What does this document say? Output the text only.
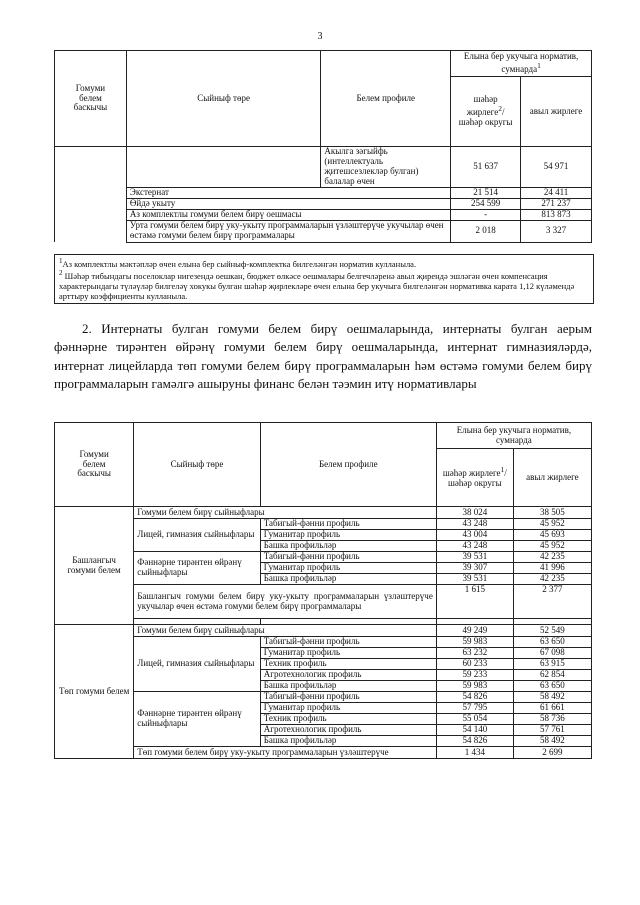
3
Гомуми
белем
баскычы	Сыйныф төре	Белем профиле	Елына бер укучыга норматив, сумнарда$^1$
			шәһәр жирлеге$^2$/ шәһәр округы	авыл жирлеге
		Акылга зәгыйфь (интеллектуаль җитешсезлекләр булган) балалар өчен	51 637	54 971
	Экстернат		21 514	24 411
	Өйдә укыту		254 599	271 237
	Аз комплектлы гомуми белем бирү оешмасы		-	813 873
	Урта гомуми белем бирү уку-укыту программаларын үзләштерүче укучылар өчен өстәмә гомуми белем бирү программалары		2 018	3 327

$^1$Аз комплектлы мәктәпләр өчен елына бер сыйныф-комплектка билгеләнгән норматив кулланыла.

$^2$ Шәһәр тибындагы поселоклар нигезендә оешкан, бюджет өлкәсе оешмалары белгечләренә авыл җирендә эшләгән өчен компенсация характерындагы түләүләр билгеләү хокукы булган шәһәр җирлекләре өчен елына бер укучыга билгеләнгән нормативка карата 1,12 күләмендә арттыру коэффициенты кулланыла.

2. Интернаты булган гомуми белем бирү оешмаларында, интернаты булган аерым фәннәрне тирәнтен өйрәнү гомуми белем бирү оешмаларында, интернат гимназияләрдә, интернат лицейларда төп гомуми белем бирү программаларын һәм өстәмә гомуми белем бирү программаларын гамәлгә ашыруны финанс белән тәэмин итү нормативлары

Гомуми
белем
баскычы	Сыйныф төре	Белем профиле	Елына бер укучыга норматив, сумнарда	
			шәһәр жирлеге$^1$/ шәһәр округы	авыл жирлеге
Башлангыч гомуми белем	Гомуми белем бирү сыйныфлары		38 024	38 505
	Лицей, гимназия сыйныфлары	Табигый-фәнни профиль	43 248	45 952
		Гуманитар профиль	43 004	45 693
		Башка профильләр	43 248	45 952
	Фәннәрне тирәнтен өйрәнү сыйныфлары	Табигый-фәнни профиль	39 531	42 235
		Гуманитар профиль	39 307	41 996
		Башка профильләр	39 531	42 235
	Башлангыч гомуми белем бирү уку-укыту программаларын үзләштерүче укучылар өчен өстәмә гомуми белем бирү программалары		1 615	2 377

Төп гомуми белем	Гомуми белем бирү сыйныфлары		49 249	52 549
	Лицей, гимназия сыйныфлары	Табигый-фәнни профиль	59 983	63 650
		Гуманитар профиль	63 232	67 098
		Техник профиль	60 233	63 915
		Агротехнологик профиль	59 233	62 854
		Башка профильләр	59 983	63 650
	Фәннәрне тирәнтен өйрәнү сыйныфлары	Табигый-фәнни профиль	54 826	58 492
		Гуманитар профиль	57 795	61 661
		Техник профиль	55 054	58 736
		Агротехнологик профиль	54 140	57 761
		Башка профильләр	54 826	58 492
	Төп гомуми белем бирү уку-укыту программаларын үзләштерүче		1 434	2 699
